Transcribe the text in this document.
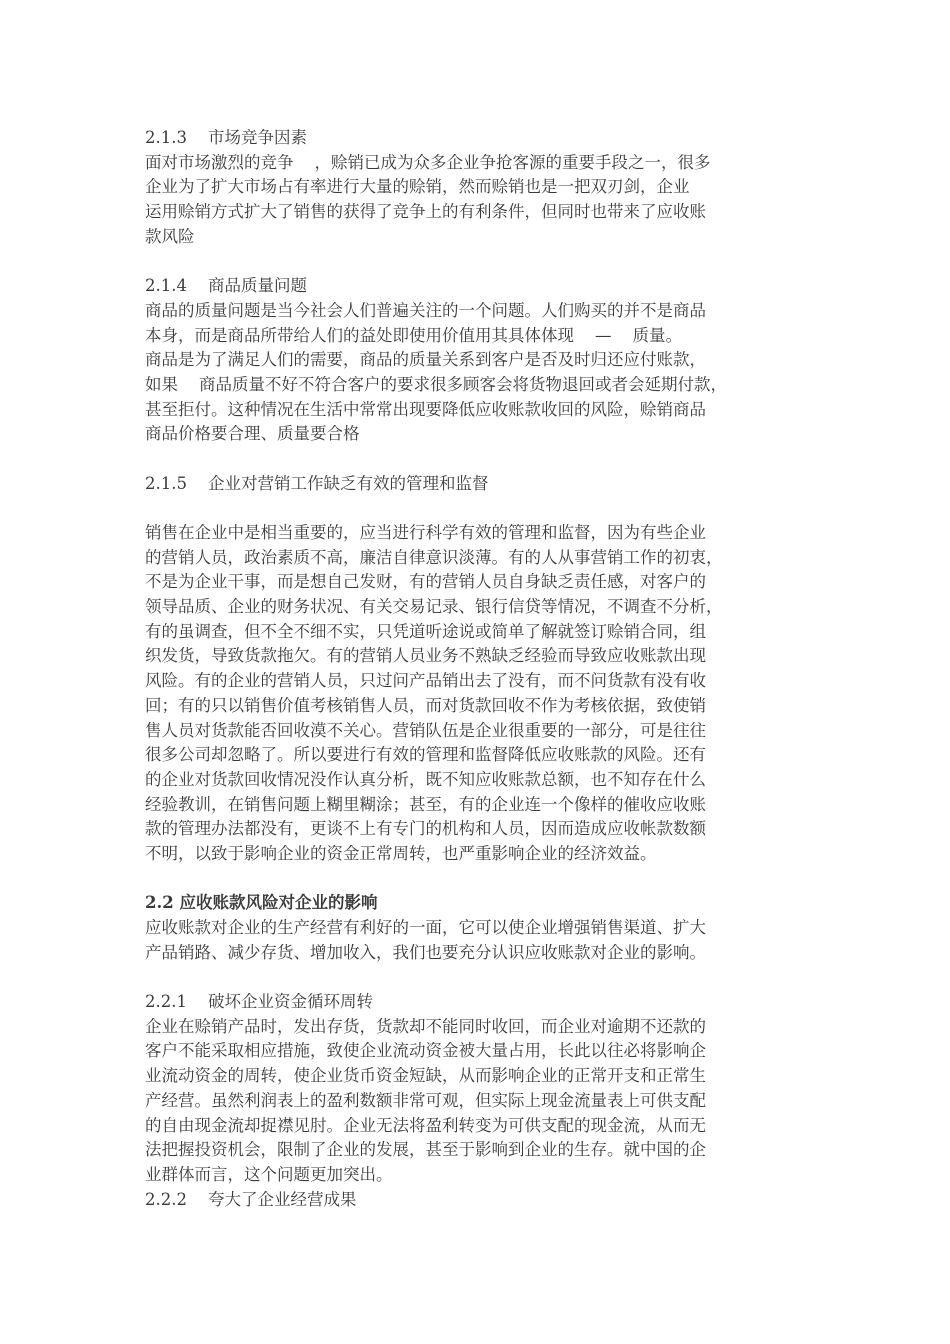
2.1.3    市场竞争因素
面对市场激烈的竞争    ，赊销已成为众多企业争抢客源的重要手段之一，很多
企业为了扩大市场占有率进行大量的赊销，然而赊销也是一把双刃剑，企业
运用赊销方式扩大了销售的获得了竞争上的有利条件，但同时也带来了应收账
款风险
2.1.4    商品质量问题
商品的质量问题是当今社会人们普遍关注的一个问题。人们购买的并不是商品
本身，而是商品所带给人们的益处即使用价值用其具体体现    —    质量。
商品是为了满足人们的需要，商品的质量关系到客户是否及时归还应付账款，
如果    商品质量不好不符合客户的要求很多顾客会将货物退回或者会延期付款，
甚至拒付。这种情况在生活中常常出现要降低应收账款收回的风险，赊销商品
商品价格要合理、质量要合格
2.1.5    企业对营销工作缺乏有效的管理和监督
销售在企业中是相当重要的，应当进行科学有效的管理和监督，因为有些企业
的营销人员，政治素质不高，廉洁自律意识淡薄。有的人从事营销工作的初衷，
不是为企业干事，而是想自己发财，有的营销人员自身缺乏责任感，对客户的
领导品质、企业的财务状况、有关交易记录、银行信贷等情况，不调查不分析，
有的虽调查，但不全不细不实，只凭道听途说或简单了解就签订赊销合同，组
织发货，导致货款拖欠。有的营销人员业务不熟缺乏经验而导致应收账款出现
风险。有的企业的营销人员，只过问产品销出去了没有，而不问货款有没有收
回；有的只以销售价值考核销售人员，而对货款回收不作为考核依据，致使销
售人员对货款能否回收漠不关心。营销队伍是企业很重要的一部分，可是往往
很多公司却忽略了。所以要进行有效的管理和监督降低应收账款的风险。还有
的企业对货款回收情况没作认真分析，既不知应收账款总额，也不知存在什么
经验教训，在销售问题上糊里糊涂；甚至，有的企业连一个像样的催收应收账
款的管理办法都没有，更谈不上有专门的机构和人员，因而造成应收帐款数额
不明，以致于影响企业的资金正常周转，也严重影响企业的经济效益。
2.2 应收账款风险对企业的影响
应收账款对企业的生产经营有利好的一面，它可以使企业增强销售渠道、扩大
产品销路、减少存货、增加收入，我们也要充分认识应收账款对企业的影响。
2.2.1    破坏企业资金循环周转
企业在赊销产品时，发出存货，货款却不能同时收回，而企业对逾期不还款的
客户不能采取相应措施，致使企业流动资金被大量占用，长此以往必将影响企
业流动资金的周转，使企业货币资金短缺，从而影响企业的正常开支和正常生
产经营。虽然利润表上的盈利数额非常可观，但实际上现金流量表上可供支配
的自由现金流却捉襟见肘。企业无法将盈利转变为可供支配的现金流，从而无
法把握投资机会，限制了企业的发展，甚至于影响到企业的生存。就中国的企
业群体而言，这个问题更加突出。
2.2.2    夸大了企业经营成果
